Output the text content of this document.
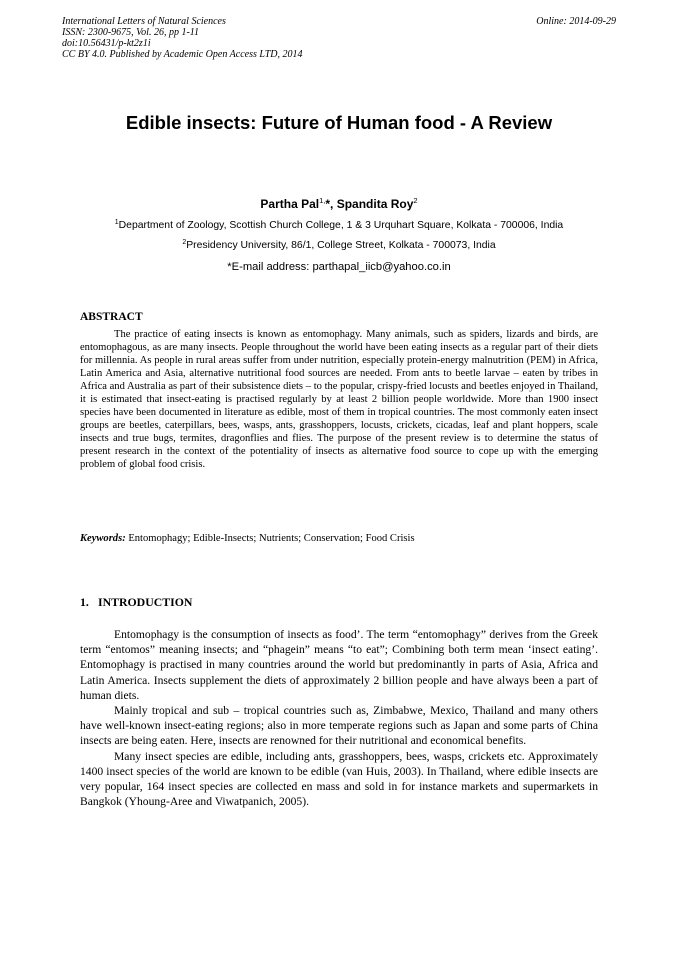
International Letters of Natural Sciences
ISSN: 2300-9675, Vol. 26, pp 1-11
doi:10.56431/p-kt2z1i
CC BY 4.0. Published by Academic Open Access LTD, 2014
Online: 2014-09-29
Edible insects: Future of Human food - A Review
Partha Pal$^{1,}$*, Spandita Roy$^2$
$^1$Department of Zoology, Scottish Church College, 1 & 3 Urquhart Square, Kolkata - 700006, India
$^2$Presidency University, 86/1, College Street, Kolkata - 700073, India
*E-mail address: parthapal_iicb@yahoo.co.in
ABSTRACT

The practice of eating insects is known as entomophagy. Many animals, such as spiders, lizards and birds, are entomophagous, as are many insects. People throughout the world have been eating insects as a regular part of their diets for millennia. As people in rural areas suffer from under nutrition, especially protein-energy malnutrition (PEM) in Africa, Latin America and Asia, alternative nutritional food sources are needed. From ants to beetle larvae – eaten by tribes in Africa and Australia as part of their subsistence diets – to the popular, crispy-fried locusts and beetles enjoyed in Thailand, it is estimated that insect-eating is practised regularly by at least 2 billion people worldwide. More than 1900 insect species have been documented in literature as edible, most of them in tropical countries. The most commonly eaten insect groups are beetles, caterpillars, bees, wasps, ants, grasshoppers, locusts, crickets, cicadas, leaf and plant hoppers, scale insects and true bugs, termites, dragonflies and flies. The purpose of the present review is to determine the status of present research in the context of the potentiality of insects as alternative food source to cope up with the emerging problem of global food crisis.

Keywords: Entomophagy; Edible-Insects; Nutrients; Conservation; Food Crisis
1. INTRODUCTION

Entomophagy is the consumption of insects as food’. The term “entomophagy” derives from the Greek term “entomos” meaning insects; and “phagein” means “to eat”; Combining both term mean ‘insect eating’. Entomophagy is practised in many countries around the world but predominantly in parts of Asia, Africa and Latin America. Insects supplement the diets of approximately 2 billion people and have always been a part of human diets.

Mainly tropical and sub – tropical countries such as, Zimbabwe, Mexico, Thailand and many others have well-known insect-eating regions; also in more temperate regions such as Japan and some parts of China insects are being eaten. Here, insects are renowned for their nutritional and economical benefits.

Many insect species are edible, including ants, grasshoppers, bees, wasps, crickets etc. Approximately 1400 insect species of the world are known to be edible (van Huis, 2003). In Thailand, where edible insects are very popular, 164 insect species are collected en mass and sold in for instance markets and supermarkets in Bangkok (Yhoung-Aree and Viwatpanich, 2005).
